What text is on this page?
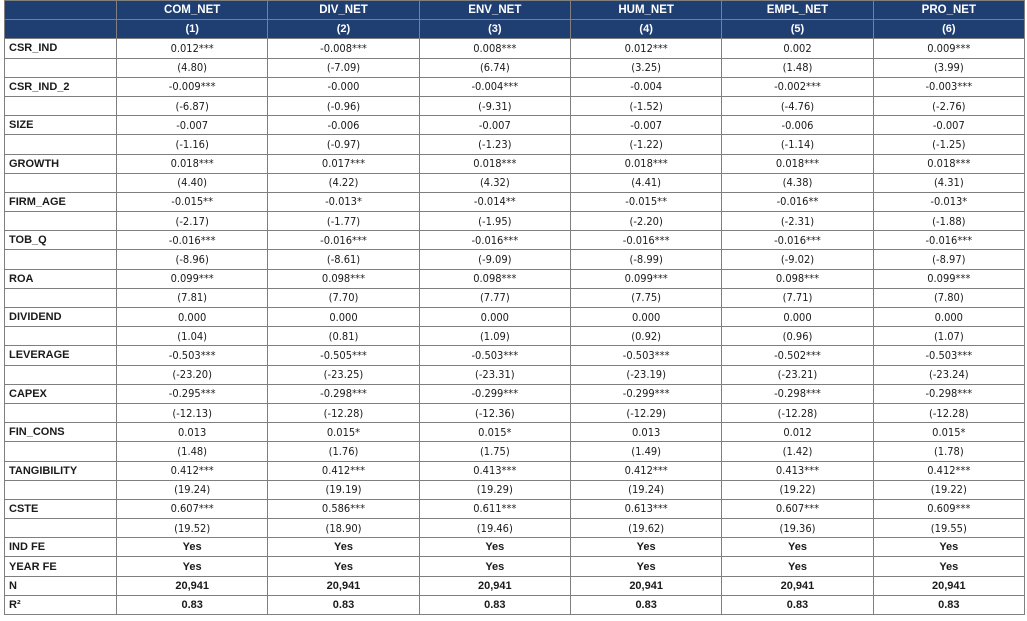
	COM_NET	DIV_NET	ENV_NET	HUM_NET	EMPL_NET	PRO_NET
	(1)	(2)	(3)	(4)	(5)	(6)
CSR_IND	0.012***	-0.008***	0.008***	0.012***	0.002	0.009***
	(4.80)	(-7.09)	(6.74)	(3.25)	(1.48)	(3.99)
CSR_IND_2	-0.009***	-0.000	-0.004***	-0.004	-0.002***	-0.003***
	(-6.87)	(-0.96)	(-9.31)	(-1.52)	(-4.76)	(-2.76)
SIZE	-0.007	-0.006	-0.007	-0.007	-0.006	-0.007
	(-1.16)	(-0.97)	(-1.23)	(-1.22)	(-1.14)	(-1.25)
GROWTH	0.018***	0.017***	0.018***	0.018***	0.018***	0.018***
	(4.40)	(4.22)	(4.32)	(4.41)	(4.38)	(4.31)
FIRM_AGE	-0.015**	-0.013*	-0.014**	-0.015**	-0.016**	-0.013*
	(-2.17)	(-1.77)	(-1.95)	(-2.20)	(-2.31)	(-1.88)
TOB_Q	-0.016***	-0.016***	-0.016***	-0.016***	-0.016***	-0.016***
	(-8.96)	(-8.61)	(-9.09)	(-8.99)	(-9.02)	(-8.97)
ROA	0.099***	0.098***	0.098***	0.099***	0.098***	0.099***
	(7.81)	(7.70)	(7.77)	(7.75)	(7.71)	(7.80)
DIVIDEND	0.000	0.000	0.000	0.000	0.000	0.000
	(1.04)	(0.81)	(1.09)	(0.92)	(0.96)	(1.07)
LEVERAGE	-0.503***	-0.505***	-0.503***	-0.503***	-0.502***	-0.503***
	(-23.20)	(-23.25)	(-23.31)	(-23.19)	(-23.21)	(-23.24)
CAPEX	-0.295***	-0.298***	-0.299***	-0.299***	-0.298***	-0.298***
	(-12.13)	(-12.28)	(-12.36)	(-12.29)	(-12.28)	(-12.28)
FIN_CONS	0.013	0.015*	0.015*	0.013	0.012	0.015*
	(1.48)	(1.76)	(1.75)	(1.49)	(1.42)	(1.78)
TANGIBILITY	0.412***	0.412***	0.413***	0.412***	0.413***	0.412***
	(19.24)	(19.19)	(19.29)	(19.24)	(19.22)	(19.22)
CSTE	0.607***	0.586***	0.611***	0.613***	0.607***	0.609***
	(19.52)	(18.90)	(19.46)	(19.62)	(19.36)	(19.55)
IND FE	Yes	Yes	Yes	Yes	Yes	Yes
YEAR FE	Yes	Yes	Yes	Yes	Yes	Yes
N	20,941	20,941	20,941	20,941	20,941	20,941
R²	0.83	0.83	0.83	0.83	0.83	0.83
